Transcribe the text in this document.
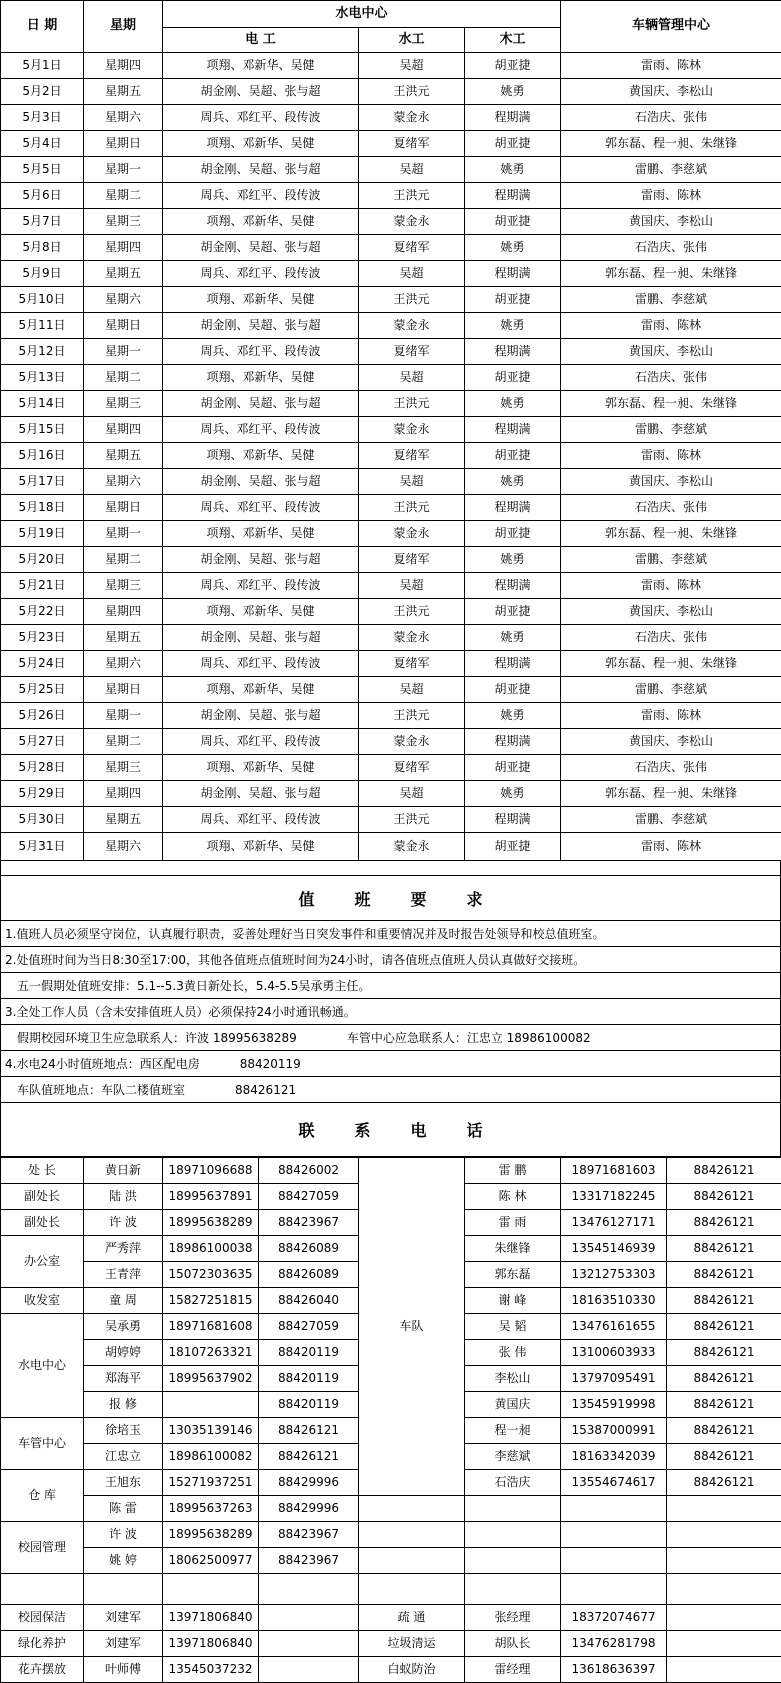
日 期	星期	水电中心			车辆管理中心
		电 工	水工	木工	
5月1日	星期四	项翔、邓新华、吴健	吴超	胡亚捷	雷雨、陈林
5月2日	星期五	胡金刚、吴超、张与超	王洪元	姚勇	黄国庆、李松山
5月3日	星期六	周兵、邓红平、段传波	蒙金永	程期满	石浩庆、张伟
5月4日	星期日	项翔、邓新华、吴健	夏绪军	胡亚捷	郭东磊、程一昶、朱继锋
5月5日	星期一	胡金刚、吴超、张与超	吴超	姚勇	雷鹏、李慈斌
5月6日	星期二	周兵、邓红平、段传波	王洪元	程期满	雷雨、陈林
5月7日	星期三	项翔、邓新华、吴健	蒙金永	胡亚捷	黄国庆、李松山
5月8日	星期四	胡金刚、吴超、张与超	夏绪军	姚勇	石浩庆、张伟
5月9日	星期五	周兵、邓红平、段传波	吴超	程期满	郭东磊、程一昶、朱继锋
5月10日	星期六	项翔、邓新华、吴健	王洪元	胡亚捷	雷鹏、李慈斌
5月11日	星期日	胡金刚、吴超、张与超	蒙金永	姚勇	雷雨、陈林
5月12日	星期一	周兵、邓红平、段传波	夏绪军	程期满	黄国庆、李松山
5月13日	星期二	项翔、邓新华、吴健	吴超	胡亚捷	石浩庆、张伟
5月14日	星期三	胡金刚、吴超、张与超	王洪元	姚勇	郭东磊、程一昶、朱继锋
5月15日	星期四	周兵、邓红平、段传波	蒙金永	程期满	雷鹏、李慈斌
5月16日	星期五	项翔、邓新华、吴健	夏绪军	胡亚捷	雷雨、陈林
5月17日	星期六	胡金刚、吴超、张与超	吴超	姚勇	黄国庆、李松山
5月18日	星期日	周兵、邓红平、段传波	王洪元	程期满	石浩庆、张伟
5月19日	星期一	项翔、邓新华、吴健	蒙金永	胡亚捷	郭东磊、程一昶、朱继锋
5月20日	星期二	胡金刚、吴超、张与超	夏绪军	姚勇	雷鹏、李慈斌
5月21日	星期三	周兵、邓红平、段传波	吴超	程期满	雷雨、陈林
5月22日	星期四	项翔、邓新华、吴健	王洪元	胡亚捷	黄国庆、李松山
5月23日	星期五	胡金刚、吴超、张与超	蒙金永	姚勇	石浩庆、张伟
5月24日	星期六	周兵、邓红平、段传波	夏绪军	程期满	郭东磊、程一昶、朱继锋
5月25日	星期日	项翔、邓新华、吴健	吴超	胡亚捷	雷鹏、李慈斌
5月26日	星期一	胡金刚、吴超、张与超	王洪元	姚勇	雷雨、陈林
5月27日	星期二	周兵、邓红平、段传波	蒙金永	程期满	黄国庆、李松山
5月28日	星期三	项翔、邓新华、吴健	夏绪军	胡亚捷	石浩庆、张伟
5月29日	星期四	胡金刚、吴超、张与超	吴超	姚勇	郭东磊、程一昶、朱继锋
5月30日	星期五	周兵、邓红平、段传波	王洪元	程期满	雷鹏、李慈斌
5月31日	星期六	项翔、邓新华、吴健	蒙金永	胡亚捷	雷雨、陈林
值班要求
1.值班人员必须坚守岗位，认真履行职责，妥善处理好当日突发事件和重要情况并及时报告处领导和校总值班室。
2.处值班时间为当日8:30至17:00，其他各值班点值班时间为24小时，请各值班点值班人员认真做好交接班。
五一假期处值班安排：5.1--5.3黄日新处长，5.4-5.5吴承勇主任。
3.全处工作人员（含未安排值班人员）必须保持24小时通讯畅通。
假期校园环境卫生应急联系人：许波 18995638289	车管中心应急联系人：江忠立 18986100082
4.水电24小时值班地点：西区配电房	88420119
车队值班地点：车队二楼值班室	88426121
联系电话
处 长	黄日新	18971096688	88426002	车队	雷 鹏	18971681603	88426121
副处长	陆 洪	18995637891	88427059		陈 林	13317182245	88426121
副处长	许 波	18995638289	88423967		雷 雨	13476127171	88426121
办公室	严秀萍	18986100038	88426089		朱继锋	13545146939	88426121
	王青萍	15072303635	88426089		郭东磊	13212753303	88426121
收发室	童 周	15827251815	88426040		谢 峰	18163510330	88426121
水电中心	吴承勇	18971681608	88427059		吴 韬	13476161655	88426121
	胡婷婷	18107263321	88420119		张 伟	13100603933	88426121
	郑海平	18995637902	88420119		李松山	13797095491	88426121
	报 修		88420119		黄国庆	13545919998	88426121
车管中心	徐培玉	13035139146	88426121		程一昶	15387000991	88426121
	江忠立	18986100082	88426121		李慈斌	18163342039	88426121
仓 库	王旭东	15271937251	88429996		石浩庆	13554674617	88426121
	陈 雷	18995637263	88429996				
校园管理	许 波	18995638289	88423967				
	姚 婷	18062500977	88423967				

校园保洁	刘建军	13971806840		疏 通	张经理	18372074677	
绿化养护	刘建军	13971806840		垃圾清运	胡队长	13476281798	
花卉摆放	叶师傅	13545037232		白蚁防治	雷经理	13618636397	
